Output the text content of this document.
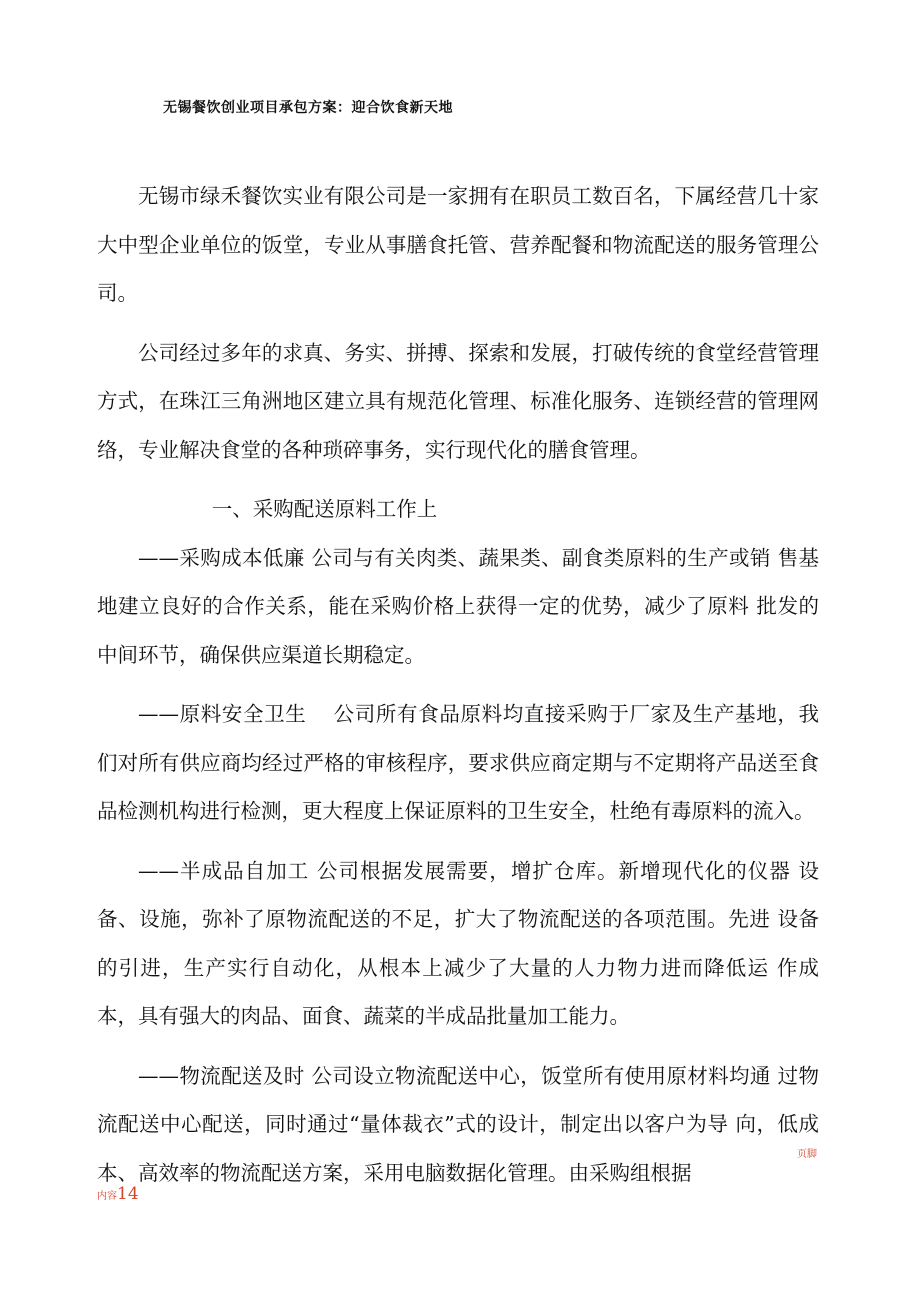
无锡餐饮创业项目承包方案：迎合饮食新天地

无锡市绿禾餐饮实业有限公司是一家拥有在职员工数百名，下属经营几十家大中型企业单位的饭堂，专业从事膳食托管、营养配餐和物流配送的服务管理公司。

公司经过多年的求真、务实、拼搏、探索和发展，打破传统的食堂经营管理方式，在珠江三角洲地区建立具有规范化管理、标准化服务、连锁经营的管理网络，专业解决食堂的各种琐碎事务，实行现代化的膳食管理。

一、采购配送原料工作上

——采购成本低廉 公司与有关肉类、蔬果类、副食类原料的生产或销 售基地建立良好的合作关系，能在采购价格上获得一定的优势，减少了原料 批发的中间环节，确保供应渠道长期稳定。

——原料安全卫生 公司所有食品原料均直接采购于厂家及生产基地，我们对所有供应商均经过严格的审核程序，要求供应商定期与不定期将产品送至食品检测机构进行检测，更大程度上保证原料的卫生安全，杜绝有毒原料的流入。

——半成品自加工 公司根据发展需要，增扩仓库。新增现代化的仪器 设备、设施，弥补了原物流配送的不足，扩大了物流配送的各项范围。先进 设备的引进，生产实行自动化，从根本上减少了大量的人力物力进而降低运 作成本，具有强大的肉品、面食、蔬菜的半成品批量加工能力。

——物流配送及时 公司设立物流配送中心，饭堂所有使用原材料均通 过物流配送中心配送，同时通过“量体裁衣”式的设计，制定出以客户为导 向，低成本、高效率的物流配送方案，采用电脑数据化管理。由采购组根据

页脚
内容14
